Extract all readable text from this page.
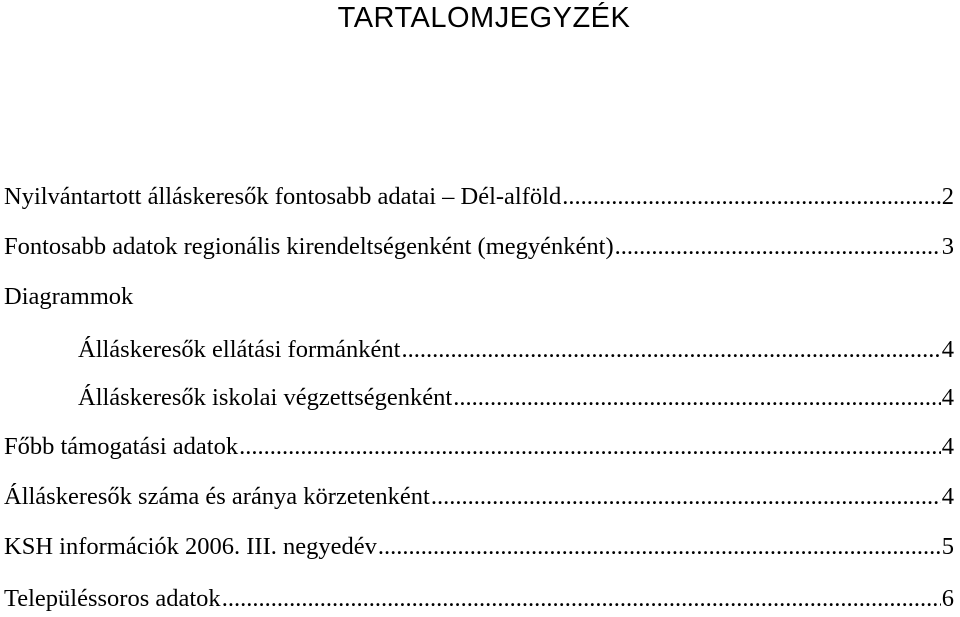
TARTALOMJEGYZÉK
Nyilvántartott álláskeresők fontosabb adatai – Dél-alföld .....	2
Fontosabb adatok regionális kirendeltségenként (megyénként) .....	3
Diagrammok
Álláskeresők ellátási formánként .....	4
Álláskeresők iskolai végzettségenként .....	4
Főbb támogatási adatok .....	4
Álláskeresők száma és aránya körzetenként .....	4
KSH információk 2006. III. negyedév .....	5
Településsoros adatok .....	6
